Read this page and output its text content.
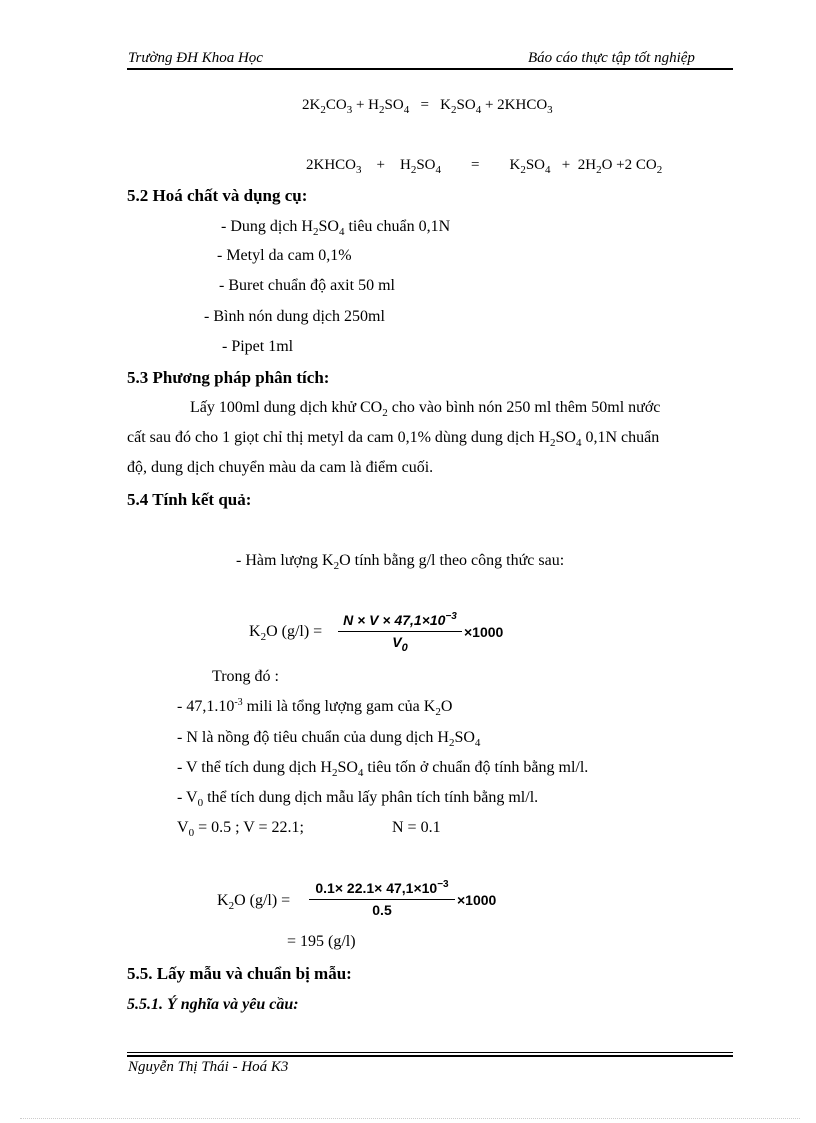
Trường ĐH Khoa Học	Báo cáo thực tập tốt nghiệp
$2K_2CO_3 + H_2SO_4 = K_2SO_4$ + $2KHCO_3$
$2KHCO_3 + H_2SO_4 = K_2SO_4 + 2H_2O +2$ $CO_2$
5.2 Hoá chất và dụng cụ:
- Dung dịch $H_2SO_4$ tiêu chuẩn 0,1N
- Metyl da cam 0,1%
- Buret chuẩn độ axit 50 ml
- Bình nón dung dịch 250ml
- Pipet 1ml
5.3 Phương pháp phân tích:
Lấy 100ml dung dịch khử $CO_2$ cho vào bình nón 250 ml thêm 50ml nước
cất sau đó cho 1 giọt chỉ thị metyl da cam 0,1% dùng dung dịch $H_2SO_4$ 0,1N chuẩn
độ, dung dịch chuyển màu da cam là điểm cuối.
5.4 Tính kết quả:
- Hàm lượng $K_2O$ tính bằng g/l theo công thức sau:
$K_2O$ $(g/l) = \frac{N \times V \times 47,1\times 10^{-3}}{V_0} \times 1000$
Trong đó :
- $47,1.10^{-3}$ mili là tổng lượng gam của $K_2O$
- N là nồng độ tiêu chuẩn của dung dịch $H_2SO_4$
- V thể tích dung dịch $H_2SO_4$ tiêu tốn ở chuẩn độ tính bằng ml/l.
- $V_0$ thể tích dung dịch mẫu lấy phân tích tính bằng ml/l.
$V_0 = 0.5$ ; V = 22.1;	N = 0.1
$K_2O$ $(g/l) = \frac{0.1\times 22.1\times 47,1\times 10^{-3}}{0.5} \times 1000$
= 195 (g/l)
5.5. Lấy mẫu và chuẩn bị mẫu:
5.5.1. Ý nghĩa và yêu cầu:
Nguyễn Thị Thái - Hoá K3
